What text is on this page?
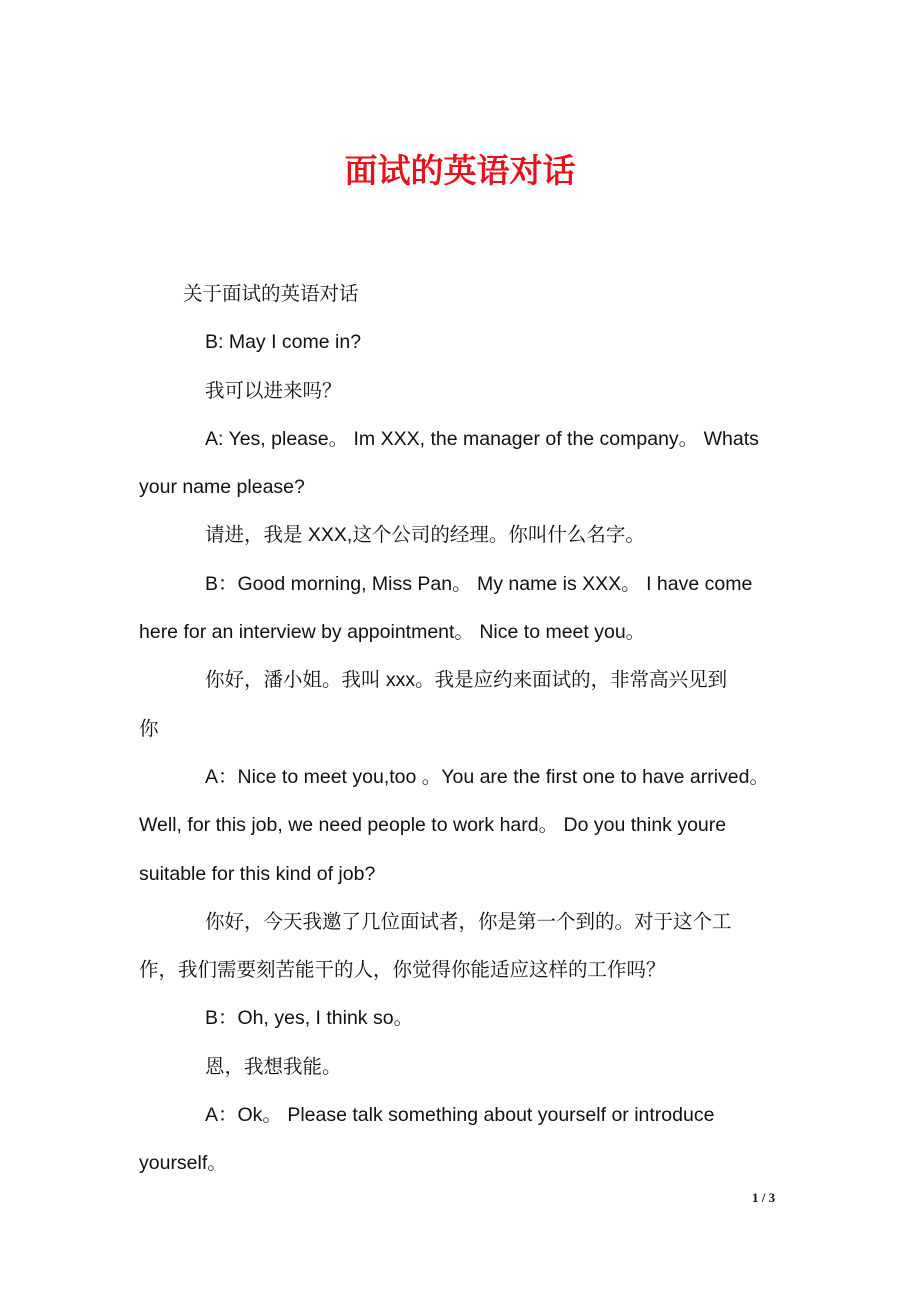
面试的英语对话
关于面试的英语对话
B: May I come in?
我可以进来吗？
A: Yes, please。 Im XXX, the manager of the company。 Whats
your name please?
请进，我是 XXX,这个公司的经理。你叫什么名字。
B：Good morning, Miss Pan。 My name is XXX。 I have come
here for an interview by appointment。 Nice to meet you。
你好，潘小姐。我叫 xxx。我是应约来面试的，非常高兴见到
你
A：Nice to meet you,too 。You are the first one to have arrived。
Well, for this job, we need people to work hard。 Do you think youre
suitable for this kind of job?
你好，今天我邀了几位面试者，你是第一个到的。对于这个工
作，我们需要刻苦能干的人，你觉得你能适应这样的工作吗？
B：Oh, yes, I think so。
恩，我想我能。
A：Ok。 Please talk something about yourself or introduce
yourself。
1 / 3
